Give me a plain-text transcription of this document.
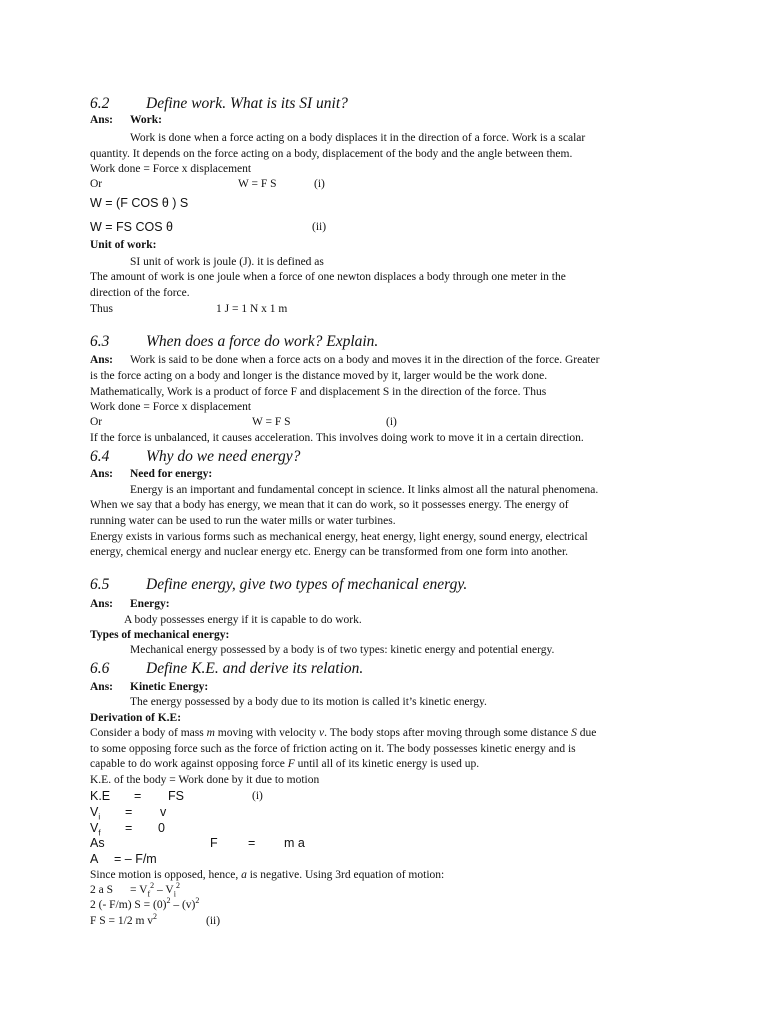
6.2 Define work. What is its SI unit?
Ans: Work:
Work is done when a force acting on a body displaces it in the direction of a force. Work is a scalar
quantity. It depends on the force acting on a body, displacement of the body and the angle between them.
Work done = Force x displacement
Or	W = F S	(i)
W = (F COS θ ) S
W = FS COS θ	(ii)
Unit of work:
SI unit of work is joule (J). it is defined as
The amount of work is one joule when a force of one newton displaces a body through one meter in the
direction of the force.
Thus	1 J = 1 N x 1 m
6.3 When does a force do work? Explain.
Ans: Work is said to be done when a force acts on a body and moves it in the direction of the force. Greater
is the force acting on a body and longer is the distance moved by it, larger would be the work done.
Mathematically, Work is a product of force F and displacement S in the direction of the force. Thus
Work done = Force x displacement
Or	W = F S	(i)
If the force is unbalanced, it causes acceleration. This involves doing work to move it in a certain direction.
6.4 Why do we need energy?
Ans: Need for energy:
Energy is an important and fundamental concept in science. It links almost all the natural phenomena.
When we say that a body has energy, we mean that it can do work, so it possesses energy. The energy of
running water can be used to run the water mills or water turbines.
Energy exists in various forms such as mechanical energy, heat energy, light energy, sound energy, electrical
energy, chemical energy and nuclear energy etc. Energy can be transformed from one form into another.
6.5 Define energy, give two types of mechanical energy.
Ans: Energy:
A body possesses energy if it is capable to do work.
Types of mechanical energy:
Mechanical energy possessed by a body is of two types: kinetic energy and potential energy.
6.6 Define K.E. and derive its relation.
Ans: Kinetic Energy:
The energy possessed by a body due to its motion is called it’s kinetic energy.
Derivation of K.E:
Consider a body of mass m moving with velocity v. The body stops after moving through some distance S due
to some opposing force such as the force of friction acting on it. The body possesses kinetic energy and is
capable to do work against opposing force F until all of its kinetic energy is used up.
K.E. of the body = Work done by it due to motion
K.E = FS	(i)
$V_i = v$
$V_f = 0$
As	F = m a
A = – F/m
Since motion is opposed, hence, a is negative. Using 3rd equation of motion:
2 a $S = V_f^2 - V_i^2$
2 (- F/m) $S = (0)^2 - (v)^2$
F S = 1/2 m $v^2$	(ii)
